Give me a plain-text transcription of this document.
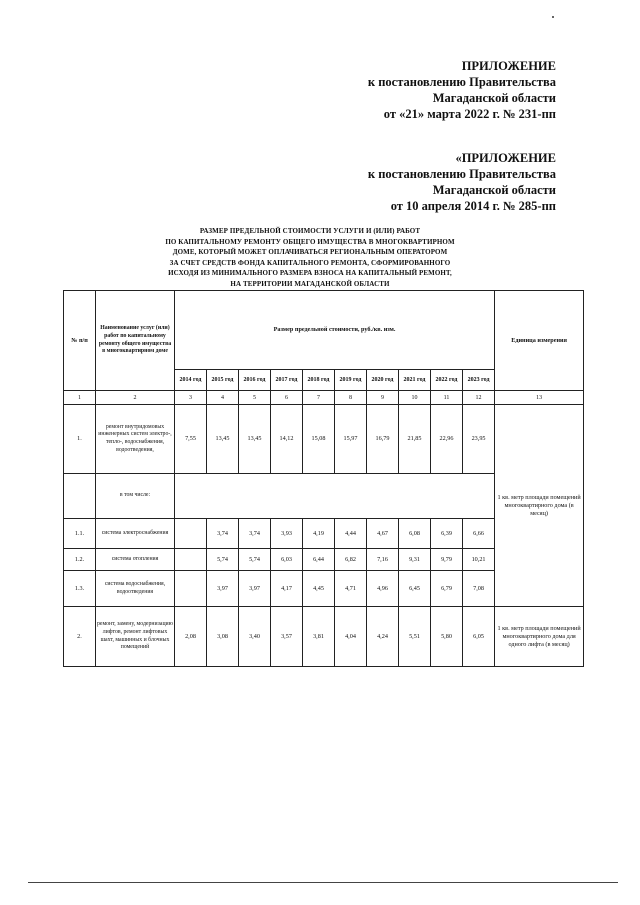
ПРИЛОЖЕНИЕ
к постановлению Правительства
Магаданской области
от «21» марта 2022 г. № 231-пп
«ПРИЛОЖЕНИЕ
к постановлению Правительства
Магаданской области
от 10 апреля 2014 г. № 285-пп
РАЗМЕР ПРЕДЕЛЬНОЙ СТОИМОСТИ УСЛУГИ И (ИЛИ) РАБОТ
ПО КАПИТАЛЬНОМУ РЕМОНТУ ОБЩЕГО ИМУЩЕСТВА В МНОГОКВАРТИРНОМ
ДОМЕ, КОТОРЫЙ МОЖЕТ ОПЛАЧИВАТЬСЯ РЕГИОНАЛЬНЫМ ОПЕРАТОРОМ
ЗА СЧЕТ СРЕДСТВ ФОНДА КАПИТАЛЬНОГО РЕМОНТА, СФОРМИРОВАННОГО
ИСХОДЯ ИЗ МИНИМАЛЬНОГО РАЗМЕРА ВЗНОСА НА КАПИТАЛЬНЫЙ РЕМОНТ,
НА ТЕРРИТОРИИ МАГАДАНСКОЙ ОБЛАСТИ
№ п/п	Наименование услуг (или) работ по капитальному ремонту общего имущества в многоквартирном доме	Размер предельной стоимости, руб./кв. изм.										Единица измерения
		2014 год	2015 год	2016 год	2017 год	2018 год	2019 год	2020 год	2021 год	2022 год	2023 год	
1	2	3	4	5	6	7	8	9	10	11	12	13
1.	ремонт внутридомовых инженерных систем электро-, тепло-, водоснабжения, водоотведения,	7,55	13,45	13,45	14,12	15,08	15,97	16,79	21,85	22,96	23,95	1 кв. метр площади помещений многоквартирного дома (в месяц)
	в том числе:											
1.1.	система электроснабжения		3,74	3,74	3,93	4,19	4,44	4,67	6,08	6,39	6,66	
1.2.	система отопления		5,74	5,74	6,03	6,44	6,82	7,16	9,31	9,79	10,21	
1.3.	система водоснабжения, водоотведения		3,97	3,97	4,17	4,45	4,71	4,96	6,45	6,79	7,08	
2.	ремонт, замену, модернизацию лифтов, ремонт лифтовых шахт, машинных и блочных помещений	2,08	3,08	3,40	3,57	3,81	4,04	4,24	5,51	5,80	6,05	1 кв. метр площади помещений многоквартирного дома для одного лифта (в месяц)
